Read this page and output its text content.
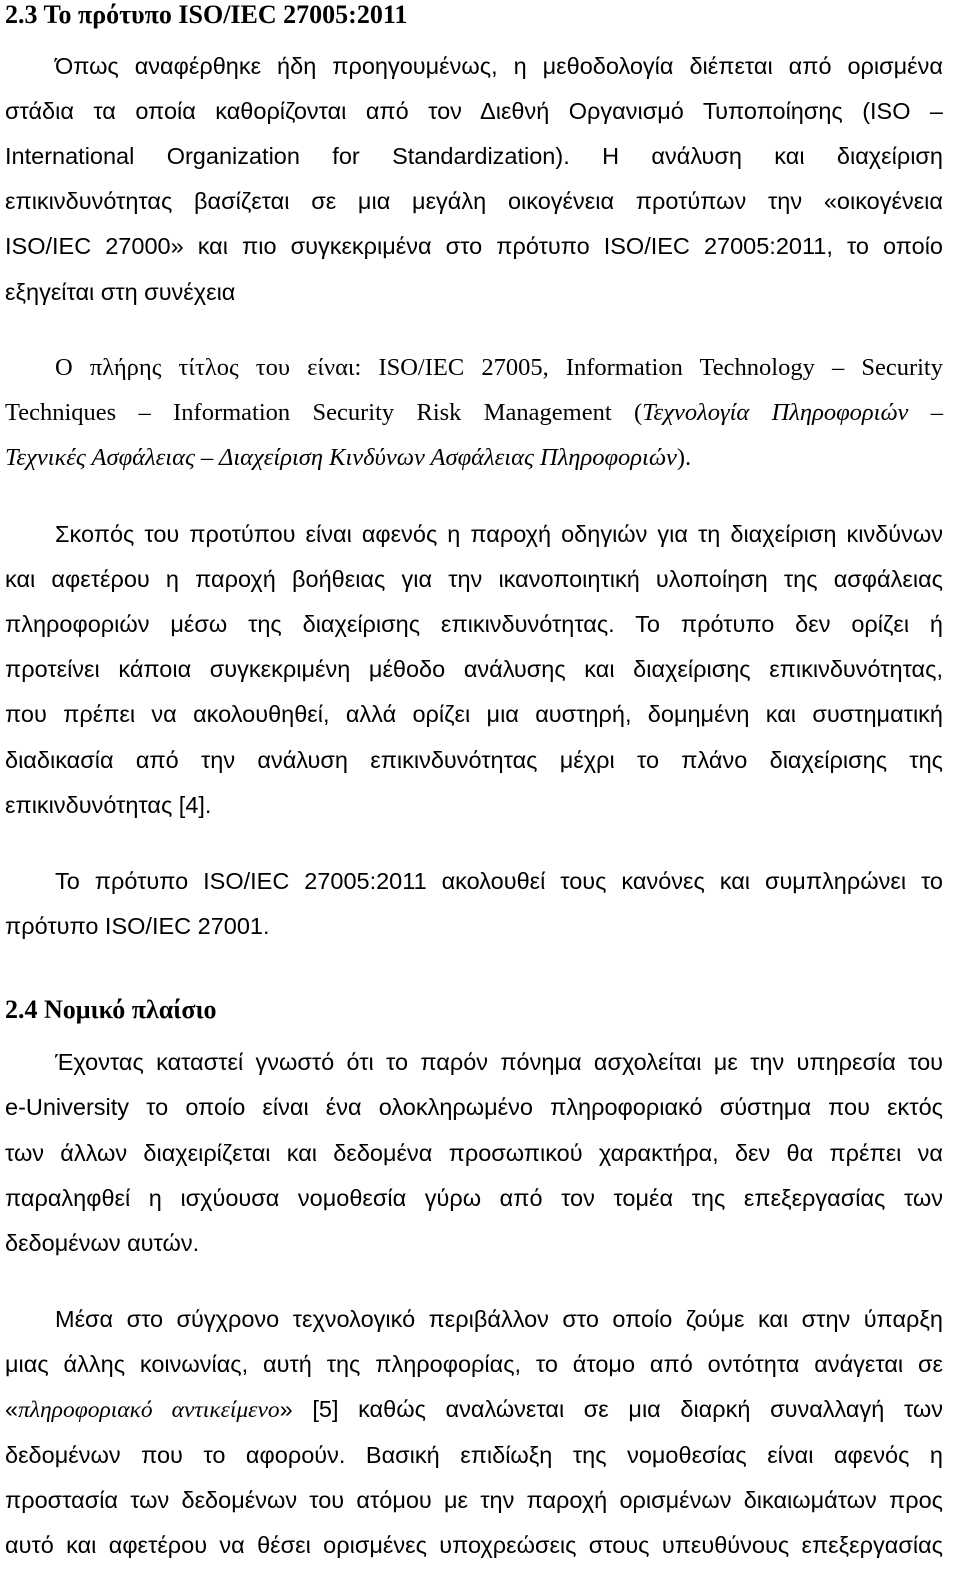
2.3 Το πρότυπο ISO/IEC 27005:2011
Όπως αναφέρθηκε ήδη προηγουμένως, η μεθοδολογία διέπεται από ορισμένα
στάδια τα οποία καθορίζονται από τον Διεθνή Οργανισμό Τυποποίησης (ISO –
International Organization for Standardization). Η ανάλυση και διαχείριση
επικινδυνότητας βασίζεται σε μια μεγάλη οικογένεια προτύπων την «οικογένεια
ISO/IEC 27000» και πιο συγκεκριμένα στο πρότυπο ISO/IEC 27005:2011, το οποίο
εξηγείται στη συνέχεια
Ο πλήρης τίτλος του είναι: ISO/IEC 27005, Information Technology – Security
Techniques – Information Security Risk Management (Τεχνολογία Πληροφοριών –
Τεχνικές Ασφάλειας – Διαχείριση Κινδύνων Ασφάλειας Πληροφοριών).
Σκοπός του προτύπου είναι αφενός η παροχή οδηγιών για τη διαχείριση κινδύνων
και αφετέρου η παροχή βοήθειας για την ικανοποιητική υλοποίηση της ασφάλειας
πληροφοριών μέσω της διαχείρισης επικινδυνότητας. Το πρότυπο δεν ορίζει ή
προτείνει κάποια συγκεκριμένη μέθοδο ανάλυσης και διαχείρισης επικινδυνότητας,
που πρέπει να ακολουθηθεί, αλλά ορίζει μια αυστηρή, δομημένη και συστηματική
διαδικασία από την ανάλυση επικινδυνότητας μέχρι το πλάνο διαχείρισης της
επικινδυνότητας [4].
Το πρότυπο ISO/IEC 27005:2011 ακολουθεί τους κανόνες και συμπληρώνει το
πρότυπο ISO/IEC 27001.
2.4 Νομικό πλαίσιο
Έχοντας καταστεί γνωστό ότι το παρόν πόνημα ασχολείται με την υπηρεσία του
e-University το οποίο είναι ένα ολοκληρωμένο πληροφοριακό σύστημα που εκτός
των άλλων διαχειρίζεται και δεδομένα προσωπικού χαρακτήρα, δεν θα πρέπει να
παραληφθεί η ισχύουσα νομοθεσία γύρω από τον τομέα της επεξεργασίας των
δεδομένων αυτών.
Μέσα στο σύγχρονο τεχνολογικό περιβάλλον στο οποίο ζούμε και στην ύπαρξη
μιας άλλης κοινωνίας, αυτή της πληροφορίας, το άτομο από οντότητα ανάγεται σε
«πληροφοριακό αντικείμενο» [5] καθώς αναλώνεται σε μια διαρκή συναλλαγή των
δεδομένων που το αφορούν. Βασική επιδίωξη της νομοθεσίας είναι αφενός η
προστασία των δεδομένων του ατόμου με την παροχή ορισμένων δικαιωμάτων προς
αυτό και αφετέρου να θέσει ορισμένες υποχρεώσεις στους υπευθύνους επεξεργασίας
